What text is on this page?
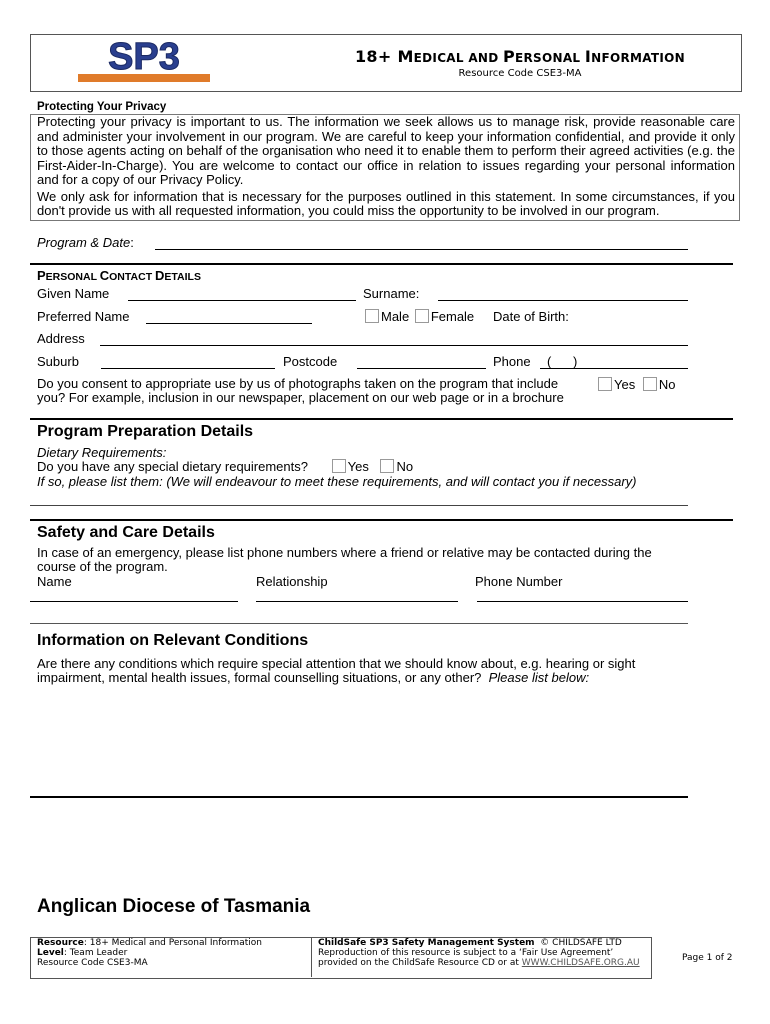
SP3
By ChildSafe
18+ MEDICAL AND PERSONAL INFORMATION
Resource Code CSE3-MA
Protecting Your Privacy

Protecting your privacy is important to us. The information we seek allows us to manage risk, provide reasonable care and administer your involvement in our program. We are careful to keep your information confidential, and provide it only to those agents acting on behalf of the organisation who need it to enable them to perform their agreed activities (e.g. the First-Aider-In-Charge). You are welcome to contact our office in relation to issues regarding your personal information and for a copy of our Privacy Policy.

We only ask for information that is necessary for the purposes outlined in this statement. In some circumstances, if you don't provide us with all requested information, you could miss the opportunity to be involved in our program.

Program & Date:
PERSONAL CONTACT DETAILS
Given Name	Surname:
Preferred Name	Male Female Date of Birth:
Address
Suburb	Postcode	Phone (      )
Do you consent to appropriate use by us of photographs taken on the program that include you? For example, inclusion in our newspaper, placement on our web page or in a brochure
Yes No
Program Preparation Details
Dietary Requirements:
Do you have any special dietary requirements?	Yes No
If so, please list them: (We will endeavour to meet these requirements, and will contact you if necessary)
Safety and Care Details
In case of an emergency, please list phone numbers where a friend or relative may be contacted during the course of the program.
Name	Relationship	Phone Number
Information on Relevant Conditions
Are there any conditions which require special attention that we should know about, e.g. hearing or sight impairment, mental health issues, formal counselling situations, or any other? Please list below:
Anglican Diocese of Tasmania
Resource: 18+ Medical and Personal Information
Level: Team Leader
Resource Code CSE3-MA
ChildSafe SP3 Safety Management System © CHILDSAFE LTD
Reproduction of this resource is subject to a ‘Fair Use Agreement’
provided on the ChildSafe Resource CD or at WWW.CHILDSAFE.ORG.AU	Page 1 of 2
